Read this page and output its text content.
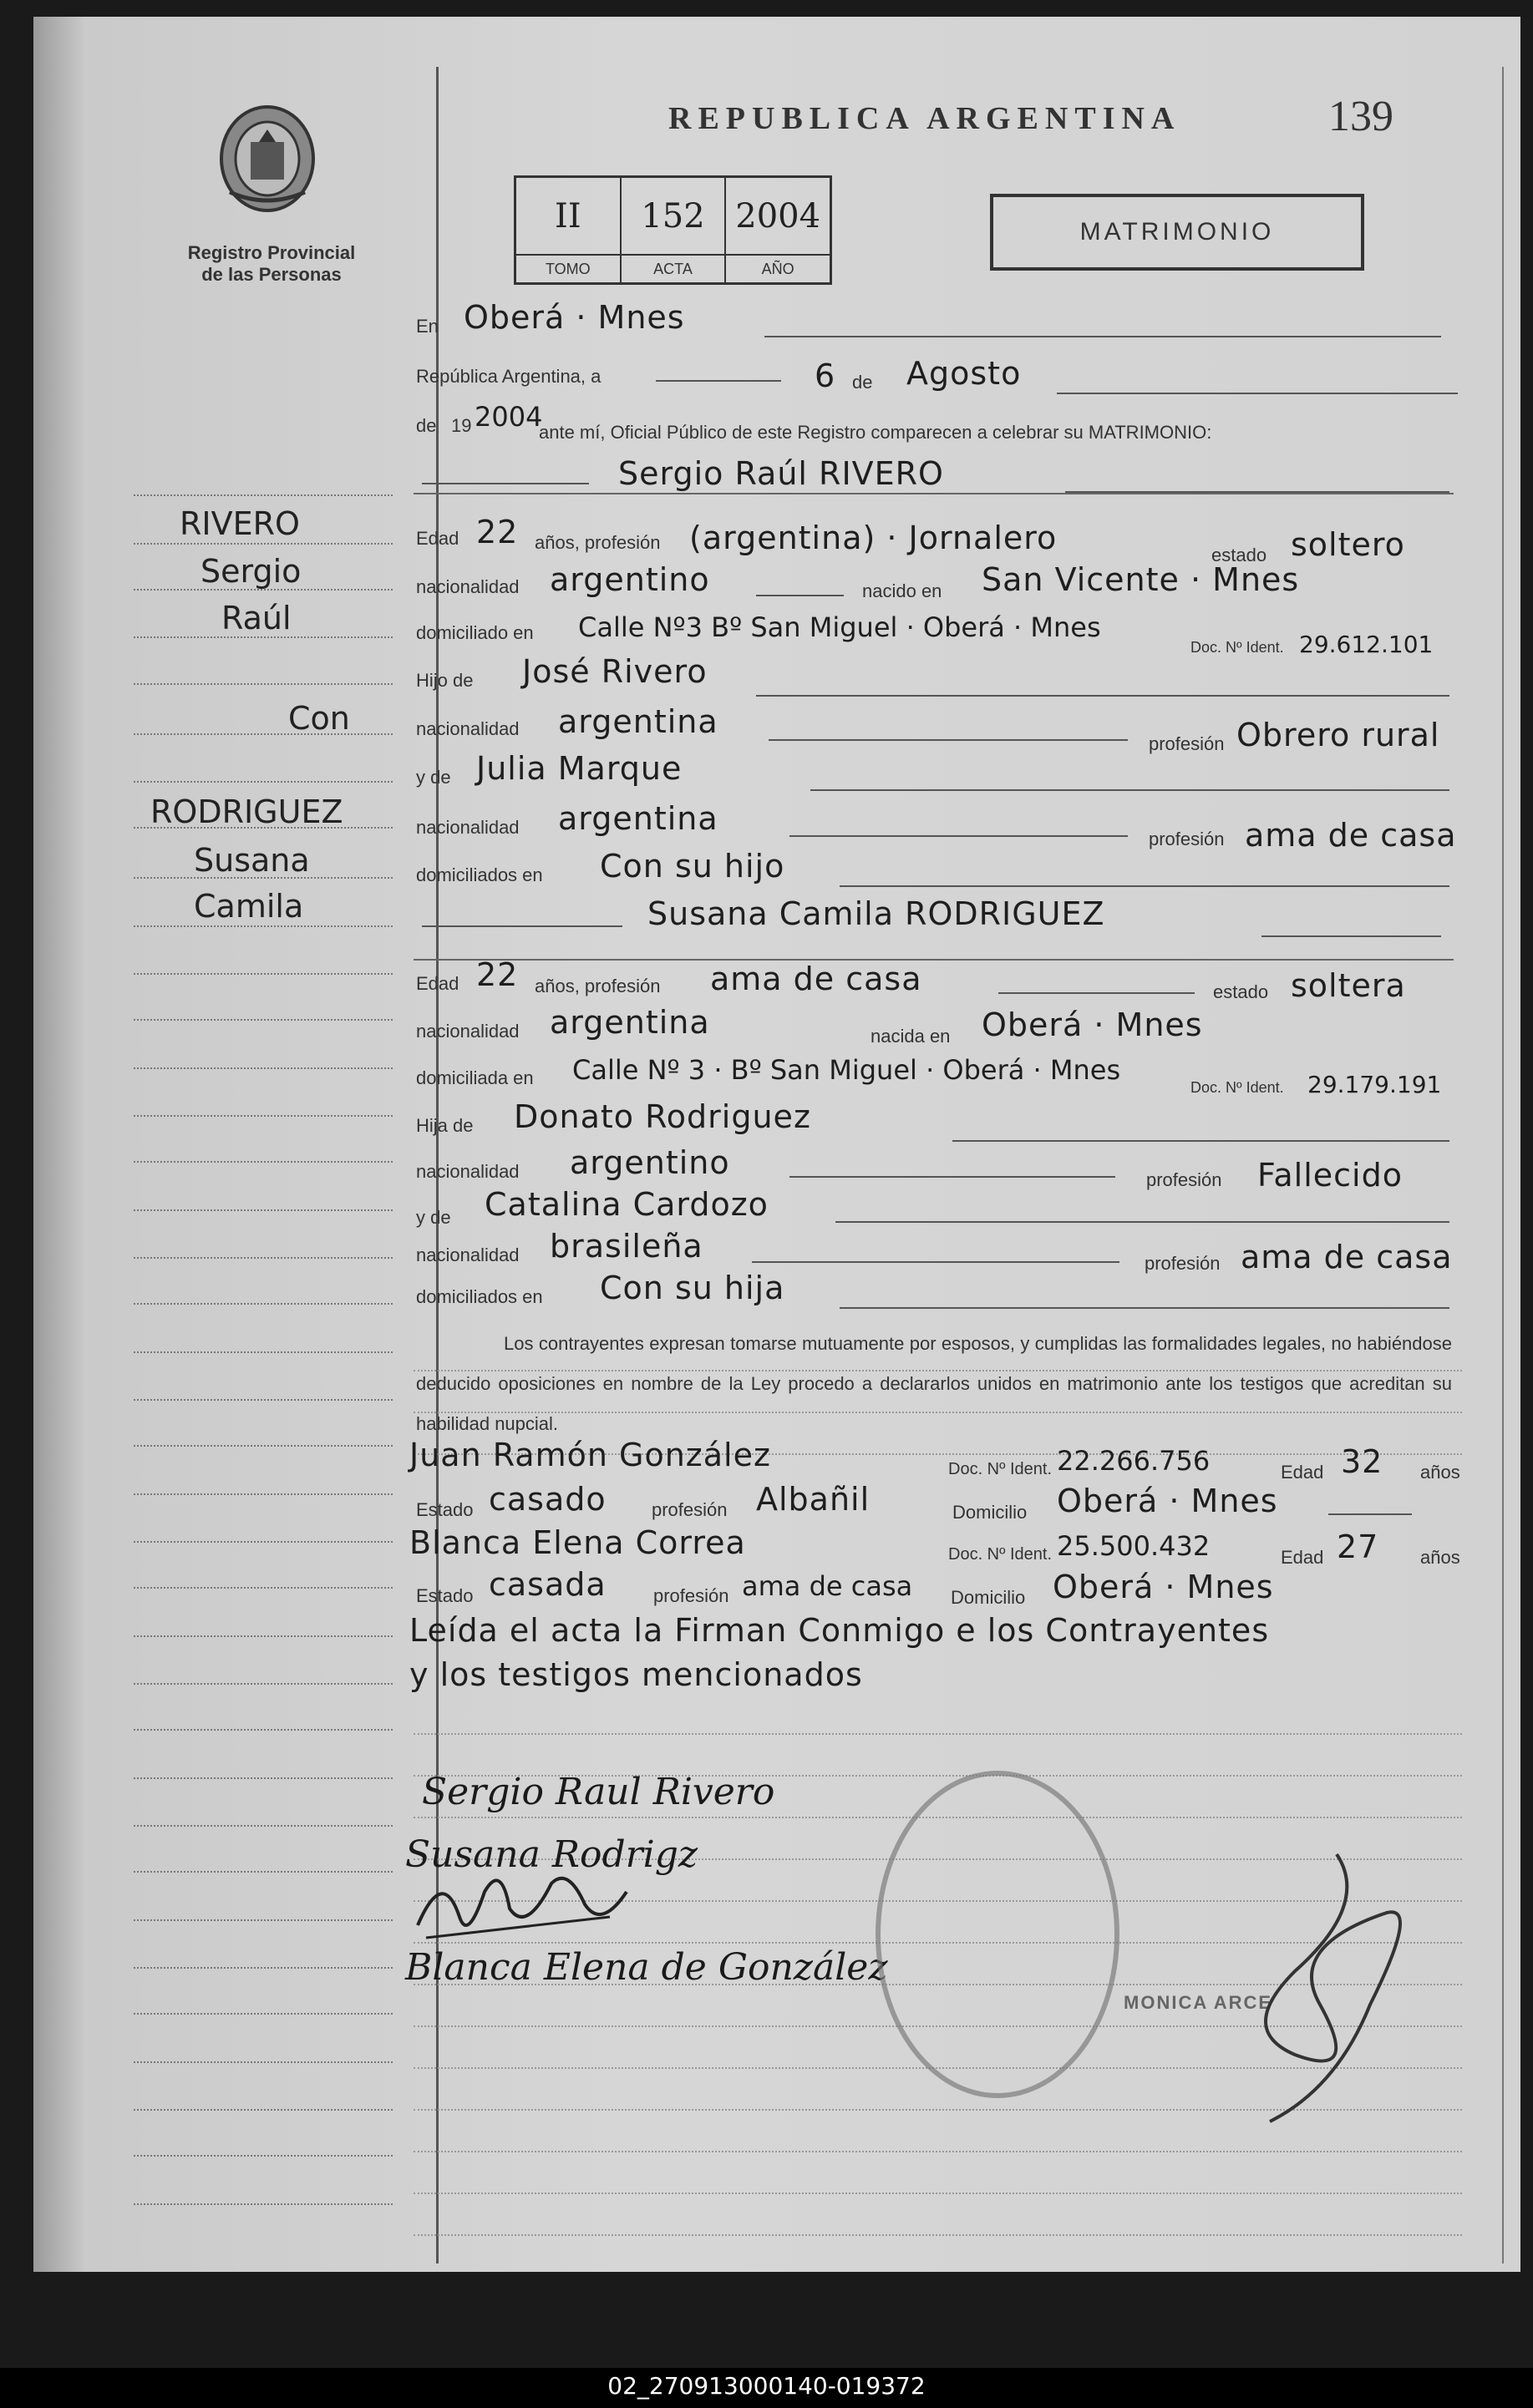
Registro Provincial
de las Personas
REPUBLICA ARGENTINA	139
II
TOMO
152
ACTA
2004
AÑO
MATRIMONIO
RIVERO
Sergio
Raúl
Con
RODRIGUEZ
Susana
Camila
En Oberá · Mnes
República Argentina, a	6 de Agosto
de 19 2004
ante mí, Oficial Público de este Registro comparecen a celebrar su MATRIMONIO:
Sergio Raúl RIVERO
Edad 22 años, profesión (argentina) · Jornalero	estado soltero
nacionalidad argentino	nacido en San Vicente · Mnes
domiciliado en Calle Nº3 Bº San Miguel · Oberá · Mnes
Doc. Nº Ident. 29.612.101
Hijo de José Rivero
nacionalidad argentina
profesión Obrero rural
y de Julia Marque
nacionalidad argentina
profesión ama de casa
domiciliados en Con su hijo
Susana Camila RODRIGUEZ
Edad 22 años, profesión ama de casa	estado soltera
nacionalidad argentina	nacida en Oberá · Mnes
domiciliada en Calle Nº 3 · Bº San Miguel · Oberá · Mnes
Doc. Nº Ident. 29.179.191
Hija de Donato Rodriguez
nacionalidad argentino	profesión Fallecido
y de Catalina Cardozo
nacionalidad brasileña	profesión ama de casa
domiciliados en Con su hija
Los contrayentes expresan tomarse mutuamente por esposos, y cumplidas las formalidades legales, no habiéndose deducido oposiciones en nombre de la Ley procedo a declararlos unidos en matrimonio ante los testigos que acreditan su habilidad nupcial.
Juan Ramón González	Doc. Nº Ident. 22.266.756	Edad 32 años
Estado casado profesión Albañil	Domicilio Oberá · Mnes
Blanca Elena Correa	Doc. Nº Ident. 25.500.432	Edad 27 años
Estado casada	profesión ama de casa Domicilio Oberá · Mnes
Leída el acta la Firman Conmigo e los Contrayentes
y los testigos mencionados
Sergio Raul Rivero
Susana Rodrigz
Blanca Elena de González
MONICA ARCE
02_270913000140-019372
